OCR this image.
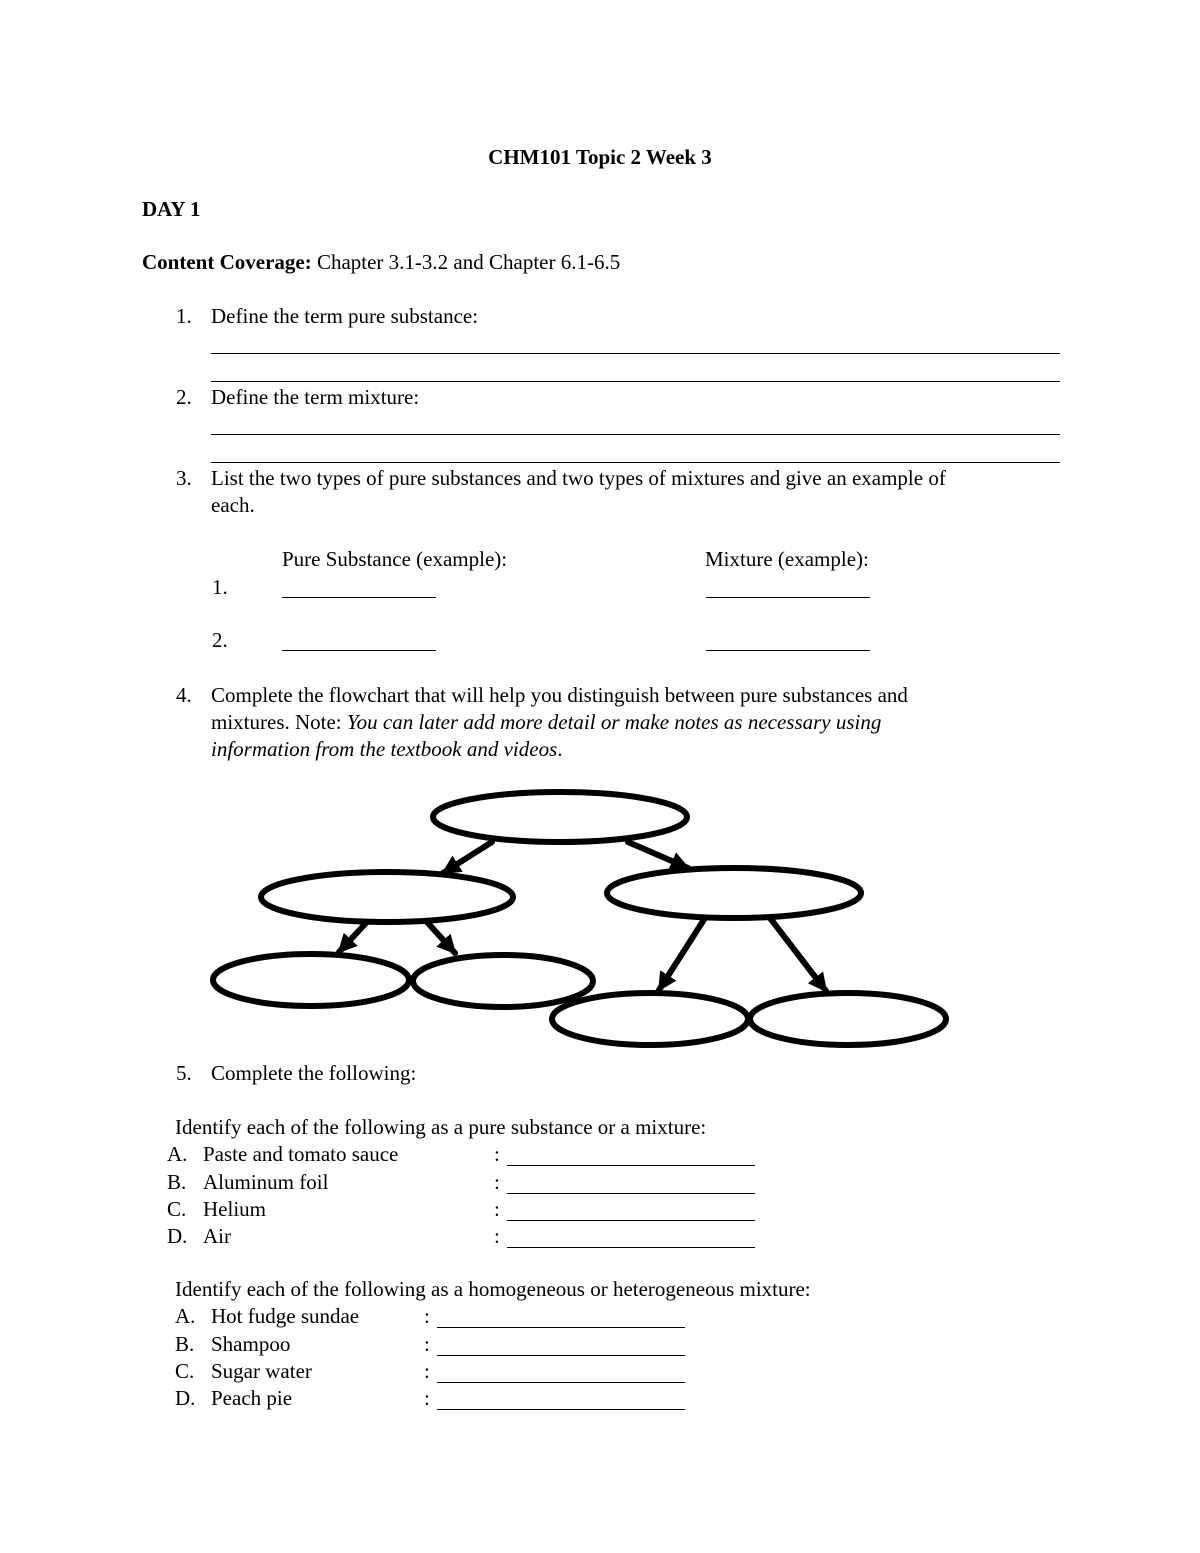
CHM101 Topic 2 Week 3
DAY 1
Content Coverage: Chapter 3.1-3.2 and Chapter 6.1-6.5
1. Define the term pure substance:
2. Define the term mixture:
3. List the two types of pure substances and two types of mixtures and give an example of
each.
Pure Substance (example):	Mixture (example):
1.
2.
4. Complete the flowchart that will help you distinguish between pure substances and
mixtures. Note: You can later add more detail or make notes as necessary using
information from the textbook and videos.
5. Complete the following:
Identify each of the following as a pure substance or a mixture:
A. Paste and tomato sauce	:
B. Aluminum foil	:
C. Helium	:
D. Air	:
Identify each of the following as a homogeneous or heterogeneous mixture:
A. Hot fudge sundae	:
B. Shampoo	:
C. Sugar water	:
D. Peach pie	:
